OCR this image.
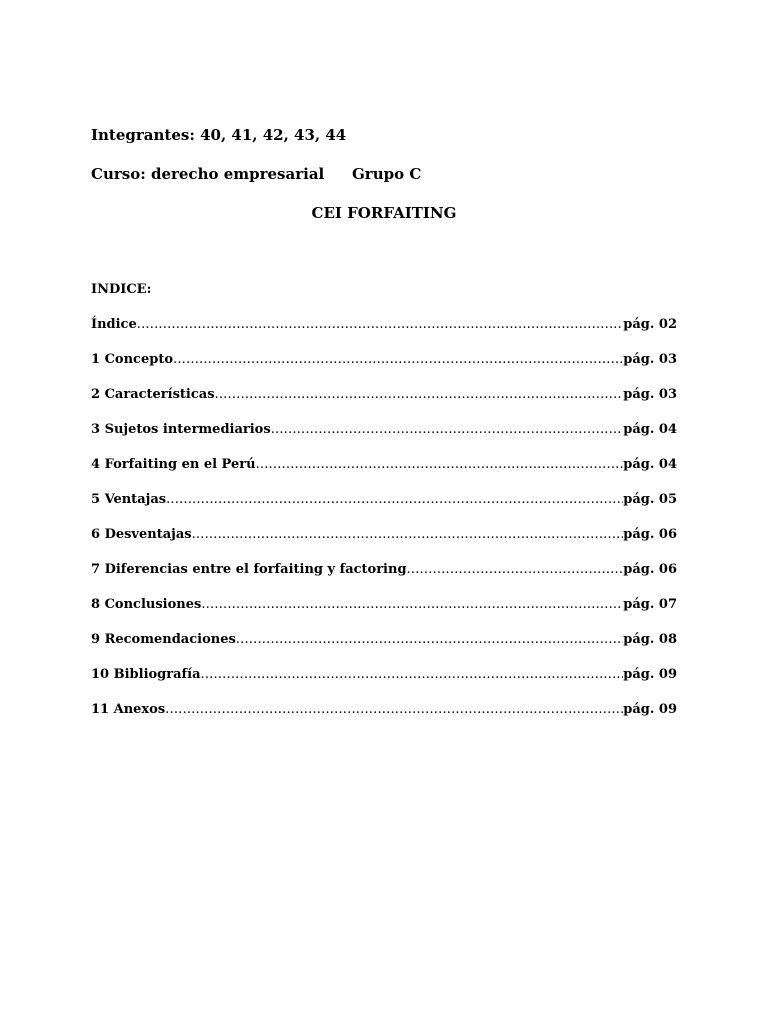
Integrantes: 40, 41, 42, 43, 44
Curso: derecho empresarial Grupo C
CEI FORFAITING
INDICE:
Índice .....	pág. 02
1 Concepto .....	pág. 03
2 Características .....	pág. 03
3 Sujetos intermediarios .....	pág. 04
4 Forfaiting en el Perú .....	pág. 04
5 Ventajas .....	pág. 05
6 Desventajas .....	pág. 06
7 Diferencias entre el forfaiting y factoring .....	pág. 06
8 Conclusiones .....	pág. 07
9 Recomendaciones .....	pág. 08
10 Bibliografía .....	pág. 09
11 Anexos .....	pág. 09
